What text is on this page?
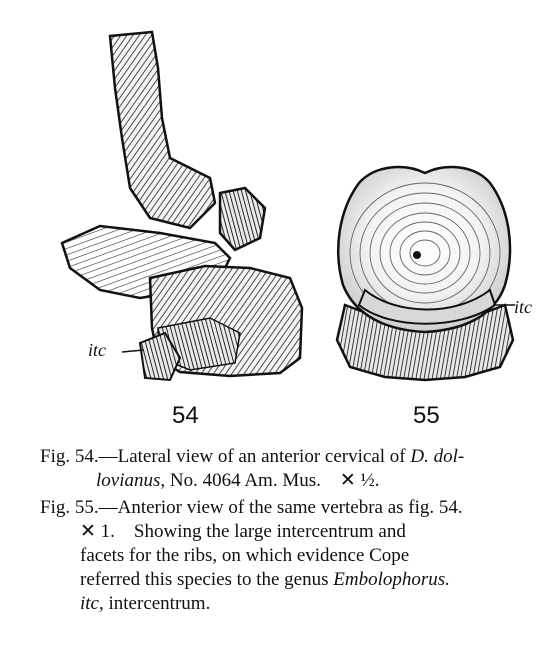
itc
itc
54	55
Fig. 54.—Lateral view of an anterior cervical of D. dol-
lovianus, No. 4064 Am. Mus. ✕ ½.
Fig. 55.—Anterior view of the same vertebra as fig. 54.
✕ 1. Showing the large intercentrum and
facets for the ribs, on which evidence Cope
referred this species to the genus Embolophorus.
itc, intercentrum.
